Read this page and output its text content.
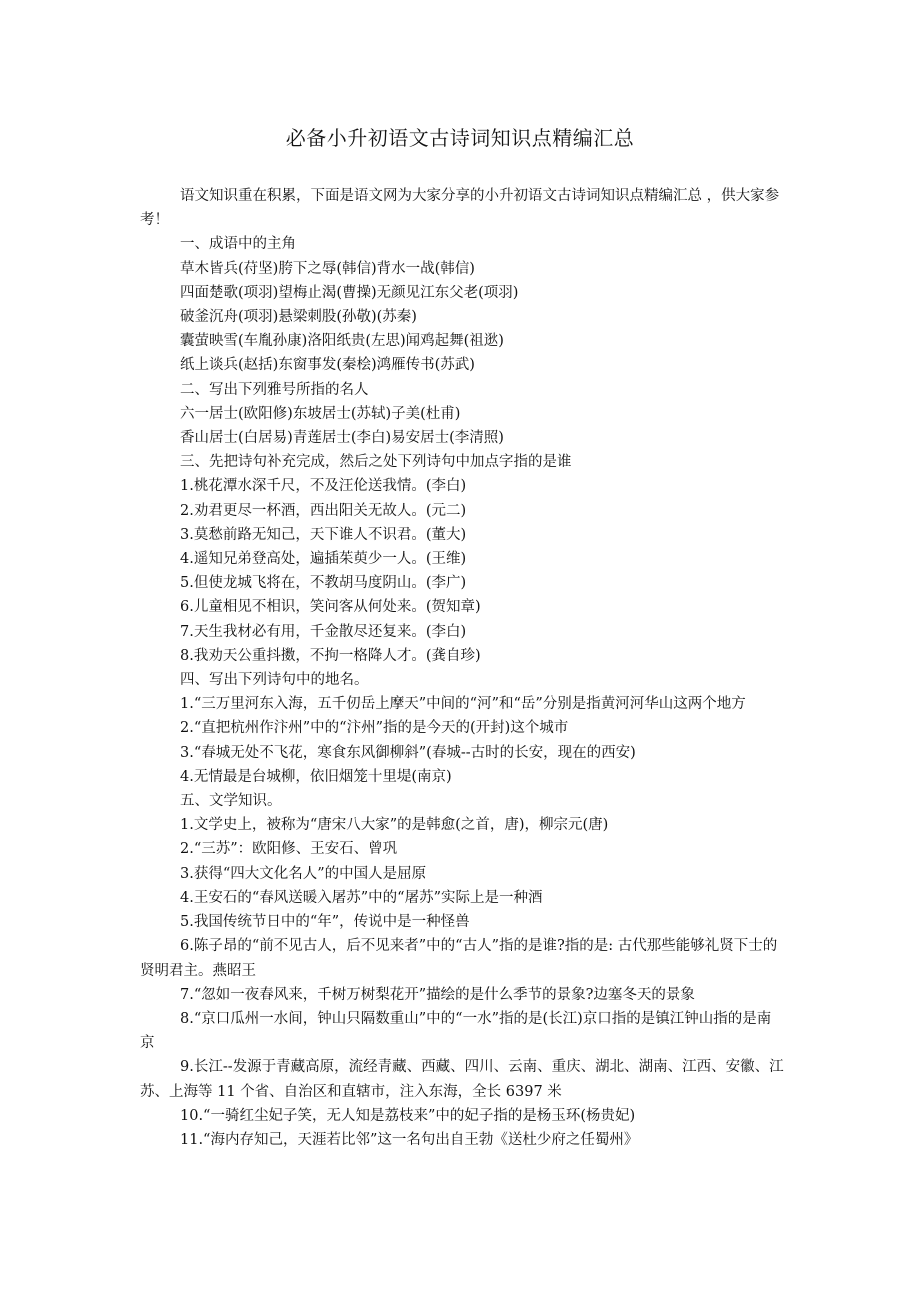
必备小升初语文古诗词知识点精编汇总

语文知识重在积累，下面是语文网为大家分享的小升初语文古诗词知识点精编汇总 ，供大家参考！

一、成语中的主角

草木皆兵(苻坚)胯下之辱(韩信)背水一战(韩信)

四面楚歌(项羽)望梅止渴(曹操)无颜见江东父老(项羽)

破釜沉舟(项羽)悬梁刺股(孙敬)(苏秦)

囊萤映雪(车胤孙康)洛阳纸贵(左思)闻鸡起舞(祖逖)

纸上谈兵(赵括)东窗事发(秦桧)鸿雁传书(苏武)

二、写出下列雅号所指的名人

六一居士(欧阳修)东坡居士(苏轼)子美(杜甫)

香山居士(白居易)青莲居士(李白)易安居士(李清照)

三、先把诗句补充完成，然后之处下列诗句中加点字指的是谁

1.桃花潭水深千尺，不及汪伦送我情。(李白)

2.劝君更尽一杯酒，西出阳关无故人。(元二)

3.莫愁前路无知己，天下谁人不识君。(董大)

4.遥知兄弟登高处，遍插茱萸少一人。(王维)

5.但使龙城飞将在，不教胡马度阴山。(李广)

6.儿童相见不相识，笑问客从何处来。(贺知章)

7.天生我材必有用，千金散尽还复来。(李白)

8.我劝天公重抖擞，不拘一格降人才。(龚自珍)

四、写出下列诗句中的地名。

1.“三万里河东入海，五千仞岳上摩天”中间的“河”和“岳”分别是指黄河河华山这两个地方

2.“直把杭州作汴州”中的“汴州”指的是今天的(开封)这个城市

3.“春城无处不飞花，寒食东风御柳斜”(春城--古时的长安，现在的西安)

4.无情最是台城柳，依旧烟笼十里堤(南京)

五、文学知识。

1.文学史上，被称为“唐宋八大家”的是韩愈(之首，唐)，柳宗元(唐)

2.“三苏”：欧阳修、王安石、曾巩

3.获得“四大文化名人”的中国人是屈原

4.王安石的“春风送暖入屠苏”中的“屠苏”实际上是一种酒

5.我国传统节日中的“年”，传说中是一种怪兽

6.陈子昂的“前不见古人，后不见来者”中的“古人”指的是谁?指的是: 古代那些能够礼贤下士的贤明君主。燕昭王

7.“忽如一夜春风来，千树万树梨花开”描绘的是什么季节的景象?边塞冬天的景象

8.“京口瓜州一水间，钟山只隔数重山”中的“一水”指的是(长江)京口指的是镇江钟山指的是南京

9.长江--发源于青藏高原，流经青藏、西藏、四川、云南、重庆、湖北、湖南、江西、安徽、江苏、上海等 11 个省、自治区和直辖市，注入东海，全长 6397 米

10.“一骑红尘妃子笑，无人知是荔枝来”中的妃子指的是杨玉环(杨贵妃)

11.“海内存知己，天涯若比邻”这一名句出自王勃《送杜少府之任蜀州》
